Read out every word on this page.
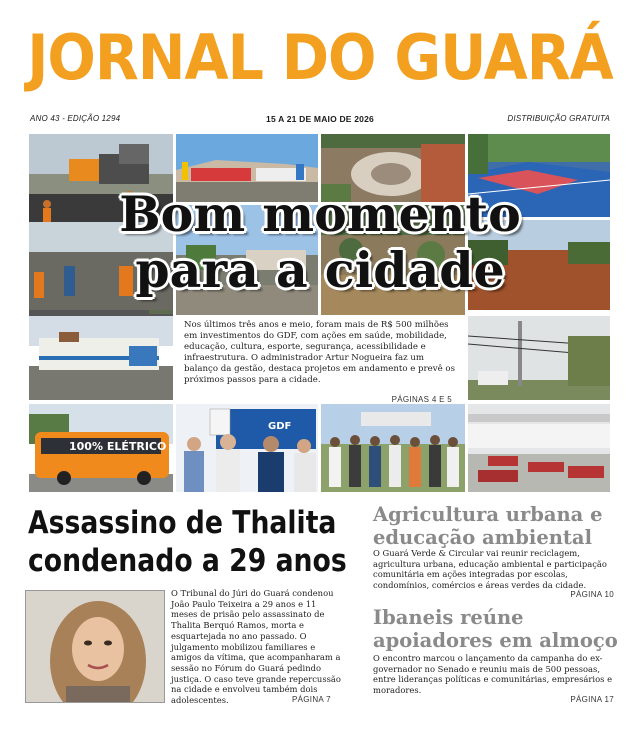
JORNAL DO GUARÁ
ANO 43 - EDIÇÃO 1294	15 A 21 DE MAIO DE 2026	DISTRIBUIÇÃO GRATUITA
100% ELÉTRICO
GDF
Bom momento
para a cidade

Nos últimos três anos e meio, foram mais de R$ 500 milhões em investimentos do GDF, com ações em saúde, mobilidade, educação, cultura, esporte, segurança, acessibilidade e infraestrutura. O administrador Artur Nogueira faz um balanço da gestão, destaca projetos em andamento e prevê os próximos passos para a cidade.

PÁGINAS 4 E 5
Assassino de Thalita
condenado a 29 anos

O Tribunal do Júri do Guará condenou João Paulo Teixeira a 29 anos e 11 meses de prisão pelo assassinato de Thalita Berquó Ramos, morta e esquartejada no ano passado. O julgamento mobilizou familiares e amigos da vítima, que acompanharam a sessão no Fórum do Guará pedindo justiça. O caso teve grande repercussão na cidade e envolveu também dois adolescentes.	PÁGINA 7
Agricultura urbana e
educação ambiental

O Guará Verde & Circular vai reunir reciclagem, agricultura urbana, educação ambiental e participação comunitária em ações integradas por escolas, condomínios, comércios e áreas verdes da cidade.

PÁGINA 10
Ibaneis reúne
apoiadores em almoço

O encontro marcou o lançamento da campanha do ex-governador no Senado e reuniu mais de 500 pessoas, entre lideranças políticas e comunitárias, empresários e moradores.

PÁGINA 17
